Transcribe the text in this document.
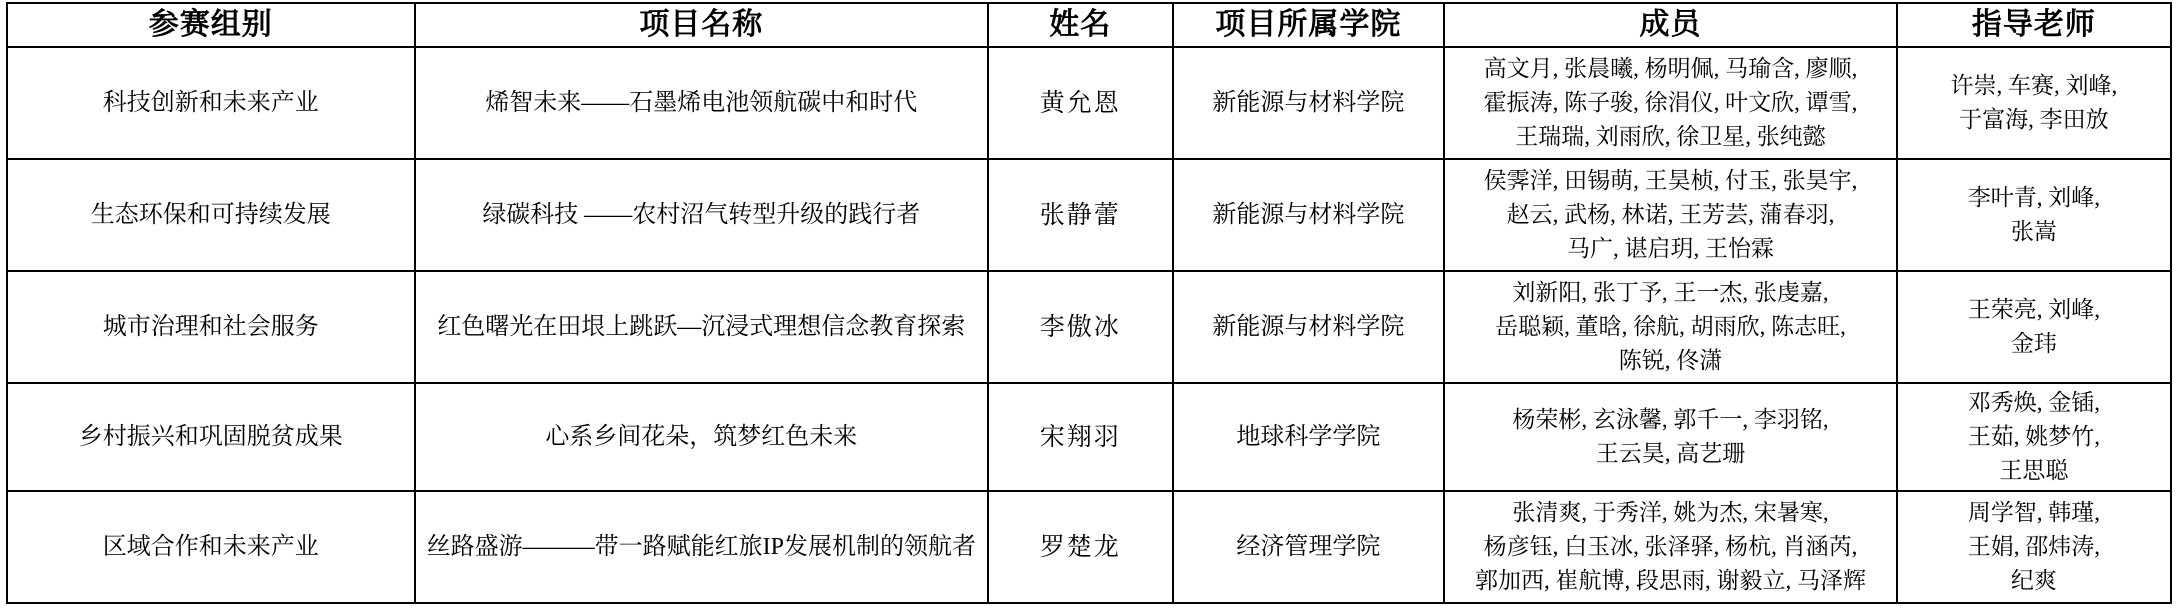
参赛组别	项目名称	姓名	项目所属学院	成员	指导老师
科技创新和未来产业	烯智未来——石墨烯电池领航碳中和时代	黄允恩	新能源与材料学院	高文月, 张晨曦, 杨明佩, 马瑜含, 廖顺,
霍振涛, 陈子骏, 徐涓仪, 叶文欣, 谭雪,
王瑞瑞, 刘雨欣, 徐卫星, 张纯懿	许崇, 车赛, 刘峰,
于富海, 李田放

生态环保和可持续发展	绿碳科技 ——农村沼气转型升级的践行者	张静蕾	新能源与材料学院	侯霁洋, 田锡萌, 王昊桢, 付玉, 张昊宇,
赵云, 武杨, 林诺, 王芳芸, 蒲春羽,
马广, 谌启玥, 王怡霖	李叶青, 刘峰,
张嵩

城市治理和社会服务	红色曙光在田垠上跳跃—沉浸式理想信念教育探索	李傲冰	新能源与材料学院	刘新阳, 张丁予, 王一杰, 张虔嘉,
岳聪颖, 董晗, 徐航, 胡雨欣, 陈志旺,
陈锐, 佟潇	王荣亮, 刘峰,
金玮

乡村振兴和巩固脱贫成果	心系乡间花朵，筑梦红色未来	宋翔羽	地球科学学院	杨荣彬, 玄泳馨, 郭千一, 李羽铭,
王云昊, 高艺珊	邓秀焕, 金锸,
王茹, 姚梦竹,
王思聪

区域合作和未来产业	丝路盛游———带一路赋能红旅IP发展机制的领航者	罗楚龙	经济管理学院	张清爽, 于秀洋, 姚为杰, 宋暑寒,
杨彦钰, 白玉冰, 张泽驿, 杨杭, 肖涵芮,
郭加西, 崔航博, 段思雨, 谢毅立, 马泽辉	周学智, 韩瑾,
王娟, 邵炜涛,
纪爽
